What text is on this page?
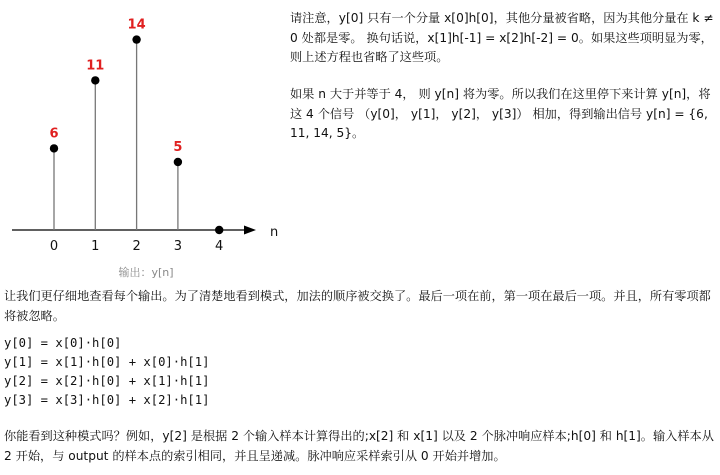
0	1	2	3	4
6
11
14
5
n
输出：y[n]

请注意，y[0] 只有一个分量 x[0]h[0]，其他分量被省略，因为其他分量在 k ≠ 0 处都是零。 换句话说，x[1]h[-1] = x[2]h[-2] = 0。如果这些项明显为零，则上述方程也省略了这些项。

如果 n 大于并等于 4， 则 y[n] 将为零。所以我们在这里停下来计算 y[n]，将这 4 个信号 （y[0]， y[1]， y[2]， y[3]） 相加，得到输出信号 y[n] = {6, 11, 14, 5}。

让我们更仔细地查看每个输出。为了清楚地看到模式，加法的顺序被交换了。最后一项在前，第一项在最后一项。并且，所有零项都将被忽略。

y[0] = x[0]·h[0]

y[1] = x[1]·h[0] + x[0]·h[1]

y[2] = x[2]·h[0] + x[1]·h[1]

y[3] = x[3]·h[0] + x[2]·h[1]

你能看到这种模式吗？例如，y[2] 是根据 2 个输入样本计算得出的;x[2] 和 x[1] 以及 2 个脉冲响应样本;h[0] 和 h[1]。输入样本从 2 开始，与 output 的样本点的索引相同，并且呈递减。脉冲响应采样索引从 0 开始并增加。
